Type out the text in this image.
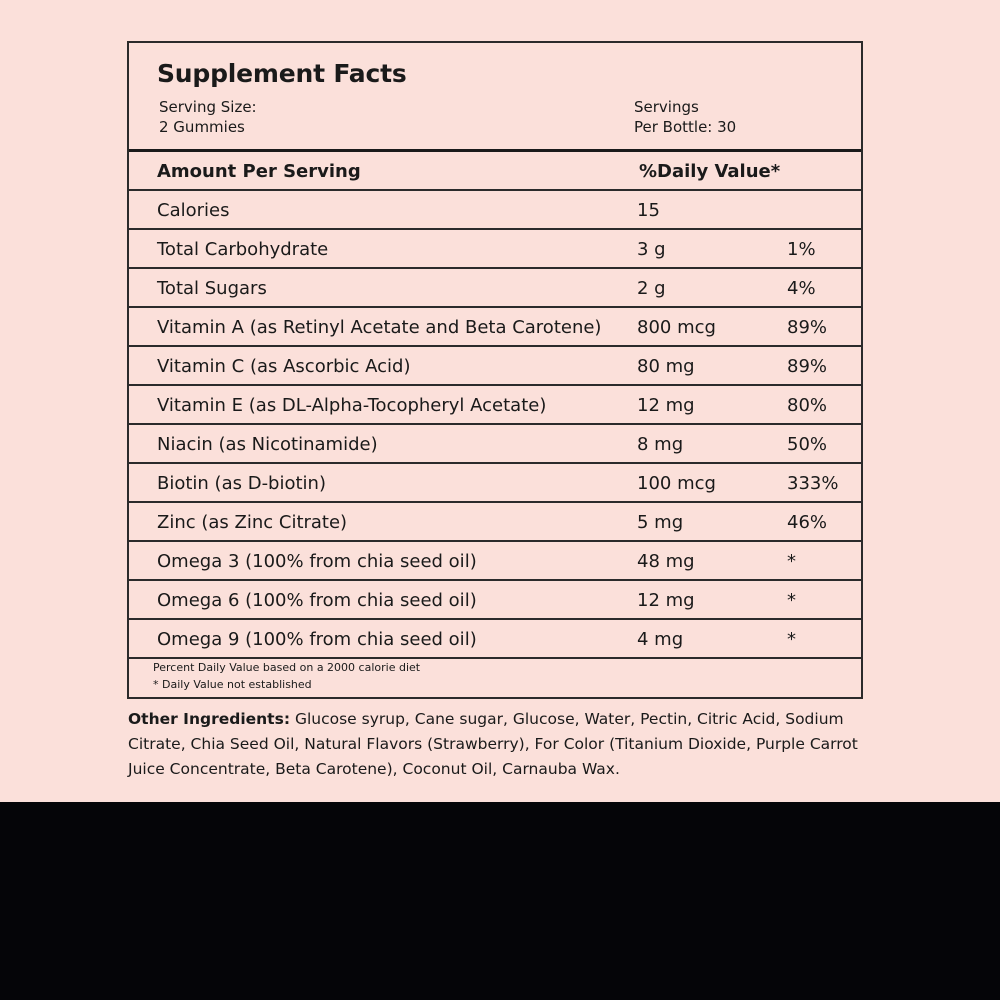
Supplement Facts
Serving Size:
2 Gummies
Servings
Per Bottle: 30
Amount Per Serving	%Daily Value*
Calories	15
Total Carbohydrate	3 g	1%
Total Sugars	2 g	4%
Vitamin A (as Retinyl Acetate and Beta Carotene) 800 mcg	89%
Vitamin C (as Ascorbic Acid)	80 mg	89%
Vitamin E (as DL-Alpha-Tocopheryl Acetate)	12 mg	80%
Niacin (as Nicotinamide)	8 mg	50%
Biotin (as D-biotin)	100 mcg	333%
Zinc (as Zinc Citrate)	5 mg	46%
Omega 3 (100% from chia seed oil)	48 mg	*
Omega 6 (100% from chia seed oil)	12 mg	*
Omega 9 (100% from chia seed oil)	4 mg	*
Percent Daily Value based on a 2000 calorie diet
* Daily Value not established
Other Ingredients: Glucose syrup, Cane sugar, Glucose, Water, Pectin, Citric Acid, Sodium Citrate, Chia Seed Oil, Natural Flavors (Strawberry), For Color (Titanium Dioxide, Purple Carrot Juice Concentrate, Beta Carotene), Coconut Oil, Carnauba Wax.
